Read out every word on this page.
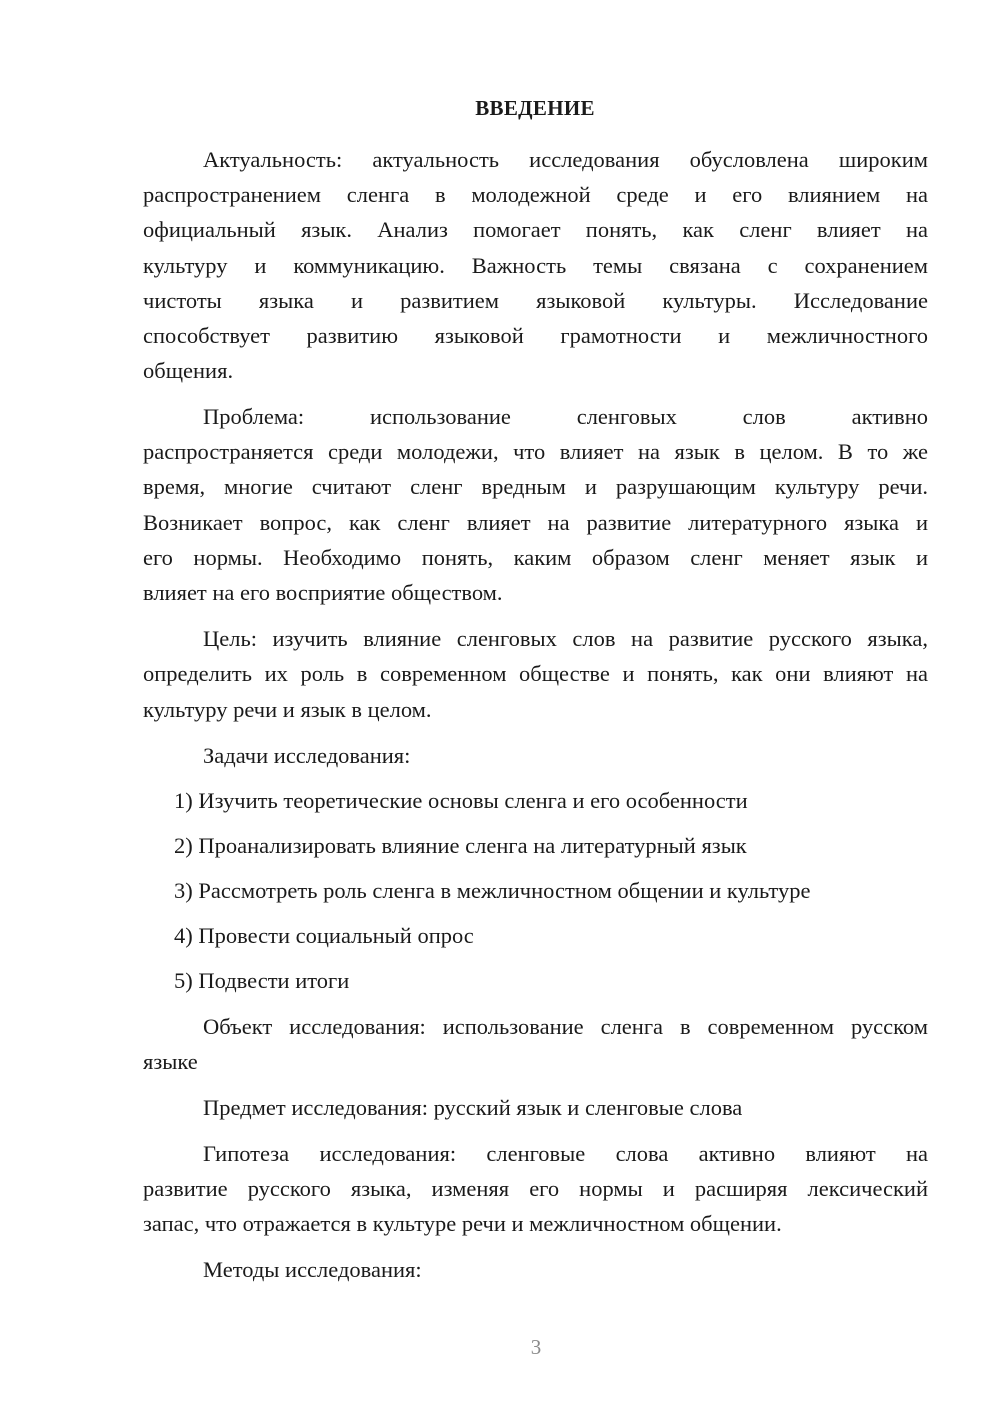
ВВЕДЕНИЕ
Актуальность: актуальность исследования обусловлена широким
распространением сленга в молодежной среде и его влиянием на
официальный язык. Анализ помогает понять, как сленг влияет на
культуру и коммуникацию. Важность темы связана с сохранением
чистоты языка и развитием языковой культуры. Исследование
способствует развитию языковой грамотности и межличностного
общения.
Проблема: использование сленговых слов активно
распространяется среди молодежи, что влияет на язык в целом. В то же
время, многие считают сленг вредным и разрушающим культуру речи.
Возникает вопрос, как сленг влияет на развитие литературного языка и
его нормы. Необходимо понять, каким образом сленг меняет язык и
влияет на его восприятие обществом.
Цель: изучить влияние сленговых слов на развитие русского языка,
определить их роль в современном обществе и понять, как они влияют на
культуру речи и язык в целом.
Задачи исследования:
1) Изучить теоретические основы сленга и его особенности
2) Проанализировать влияние сленга на литературный язык
3) Рассмотреть роль сленга в межличностном общении и культуре
4) Провести социальный опрос
5) Подвести итоги
Объект исследования: использование сленга в современном русском
языке
Предмет исследования: русский язык и сленговые слова
Гипотеза исследования: сленговые слова активно влияют на
развитие русского языка, изменяя его нормы и расширяя лексический
запас, что отражается в культуре речи и межличностном общении.
Методы исследования:
3
